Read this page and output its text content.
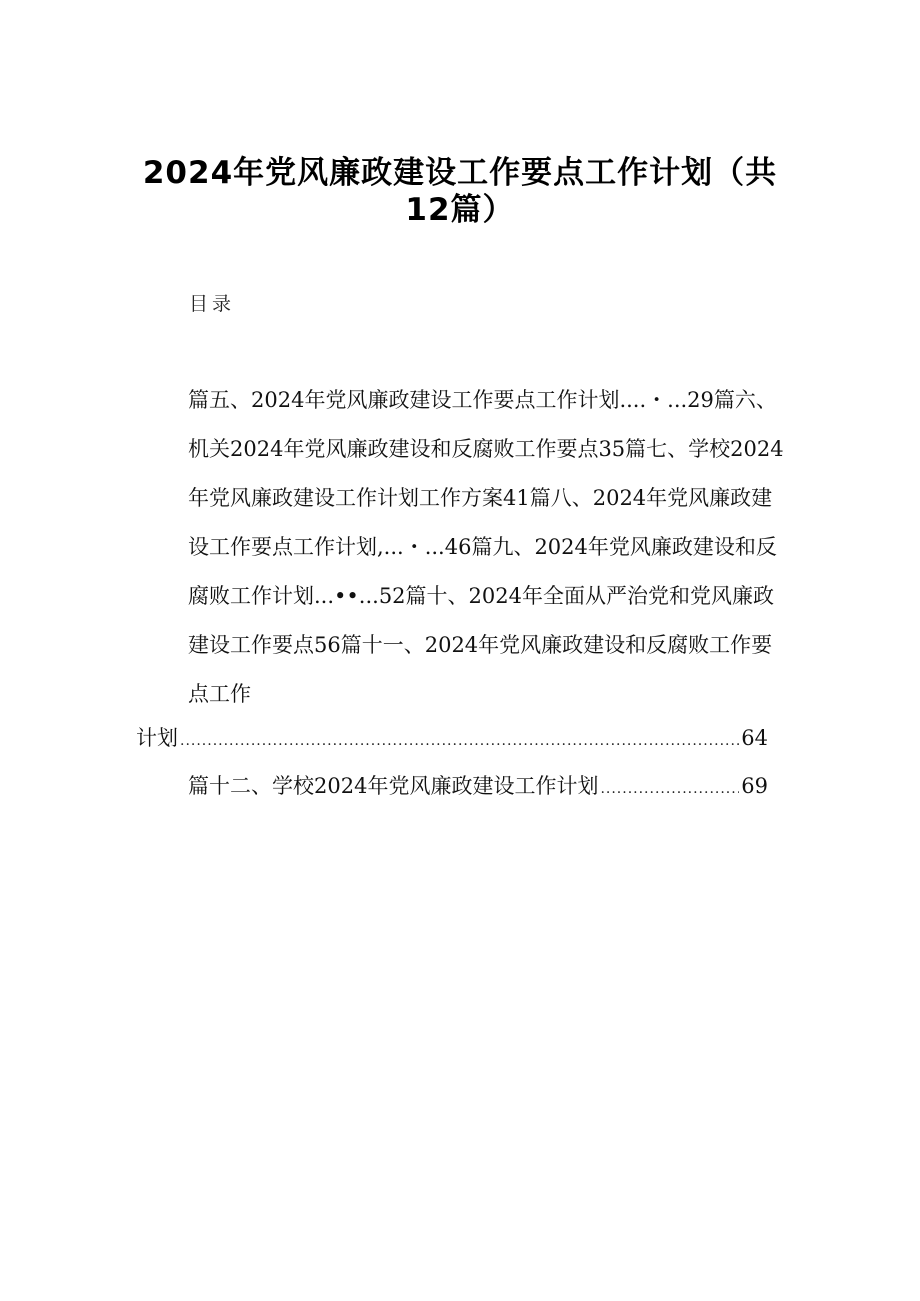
2024年党风廉政建设工作要点工作计划（共
12篇）
目录
篇五、2024年党风廉政建设工作要点工作计划....・...29篇六、
机关2024年党风廉政建设和反腐败工作要点35篇七、学校2024
年党风廉政建设工作计划工作方案41篇八、2024年党风廉政建
设工作要点工作计划,...・...46篇九、2024年党风廉政建设和反
腐败工作计划...••...52篇十、2024年全面从严治党和党风廉政
建设工作要点56篇十一、2024年党风廉政建设和反腐败工作要
点工作
计划 .....	64
篇十二、学校2024年党风廉政建设工作计划 .....	69
